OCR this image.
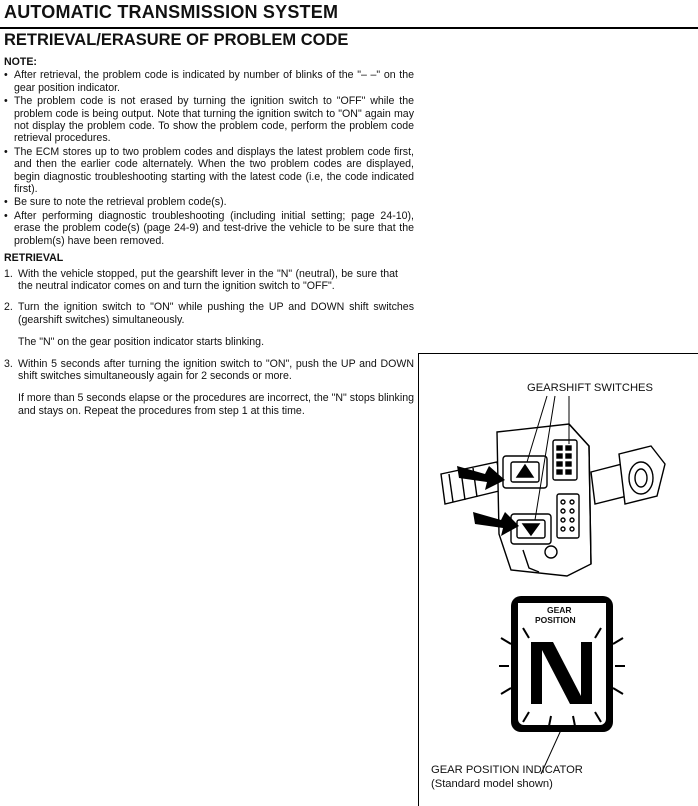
AUTOMATIC TRANSMISSION SYSTEM
RETRIEVAL/ERASURE OF PROBLEM CODE

NOTE:

• After retrieval, the problem code is indicated by number of blinks of the "– –" on the gear position indicator.
• The problem code is not erased by turning the ignition switch to "OFF" while the problem code is being output. Note that turning the ignition switch to "ON" again may not display the problem code. To show the problem code, perform the problem code retrieval procedures.
• The ECM stores up to two problem codes and displays the latest problem code first, and then the earlier code alternately. When the two problem codes are displayed, begin diagnostic troubleshooting starting with the latest code (i.e, the code indicated first).
• Be sure to note the retrieval problem code(s).
• After performing diagnostic troubleshooting (including initial setting; page 24-10), erase the problem code(s) (page 24-9) and test-drive the vehicle to be sure that the problem(s) have been removed.

RETRIEVAL

1. With the vehicle stopped, put the gearshift lever in the "N" (neutral), be sure that the neutral indicator comes on and turn the ignition switch to "OFF".
2. Turn the ignition switch to "ON" while pushing the UP and DOWN shift switches (gearshift switches) simultaneously.

The "N" on the gear position indicator starts blinking.

3. Within 5 seconds after turning the ignition switch to "ON", push the UP and DOWN shift switches simultaneously again for 2 seconds or more.

If more than 5 seconds elapse or the procedures are incorrect, the "N" stops blinking and stays on. Repeat the procedures from step 1 at this time.

GEARSHIFT SWITCHES
GEAR
POSITION
GEAR POSITION INDICATOR
(Standard model shown)
